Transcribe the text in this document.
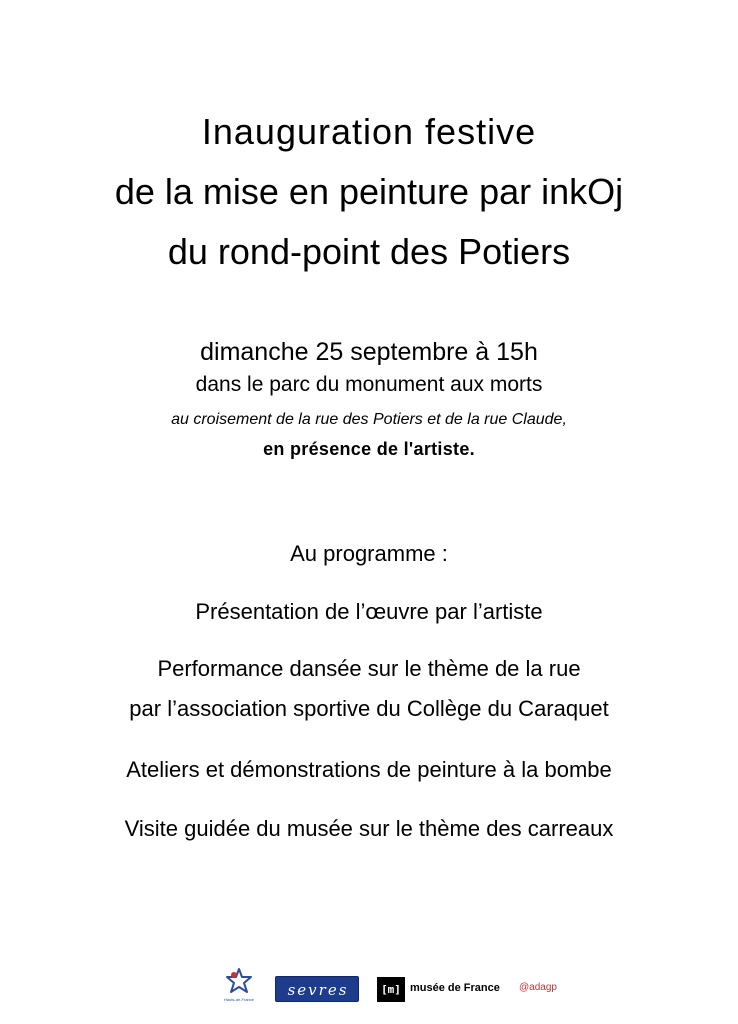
Inauguration festive
de la mise en peinture par inkOj
du rond-point des Potiers
dimanche 25 septembre à 15h
dans le parc du monument aux morts
au croisement de la rue des Potiers et de la rue Claude,
en présence de l'artiste.
Au programme :
Présentation de l’œuvre par l’artiste
Performance dansée sur le thème de la rue
par l’association sportive du Collège du Caraquet
Ateliers et démonstrations de peinture à la bombe
Visite guidée du musée sur le thème des carreaux
Hauts-de-France
sevres	[m] musée de France @adagp
